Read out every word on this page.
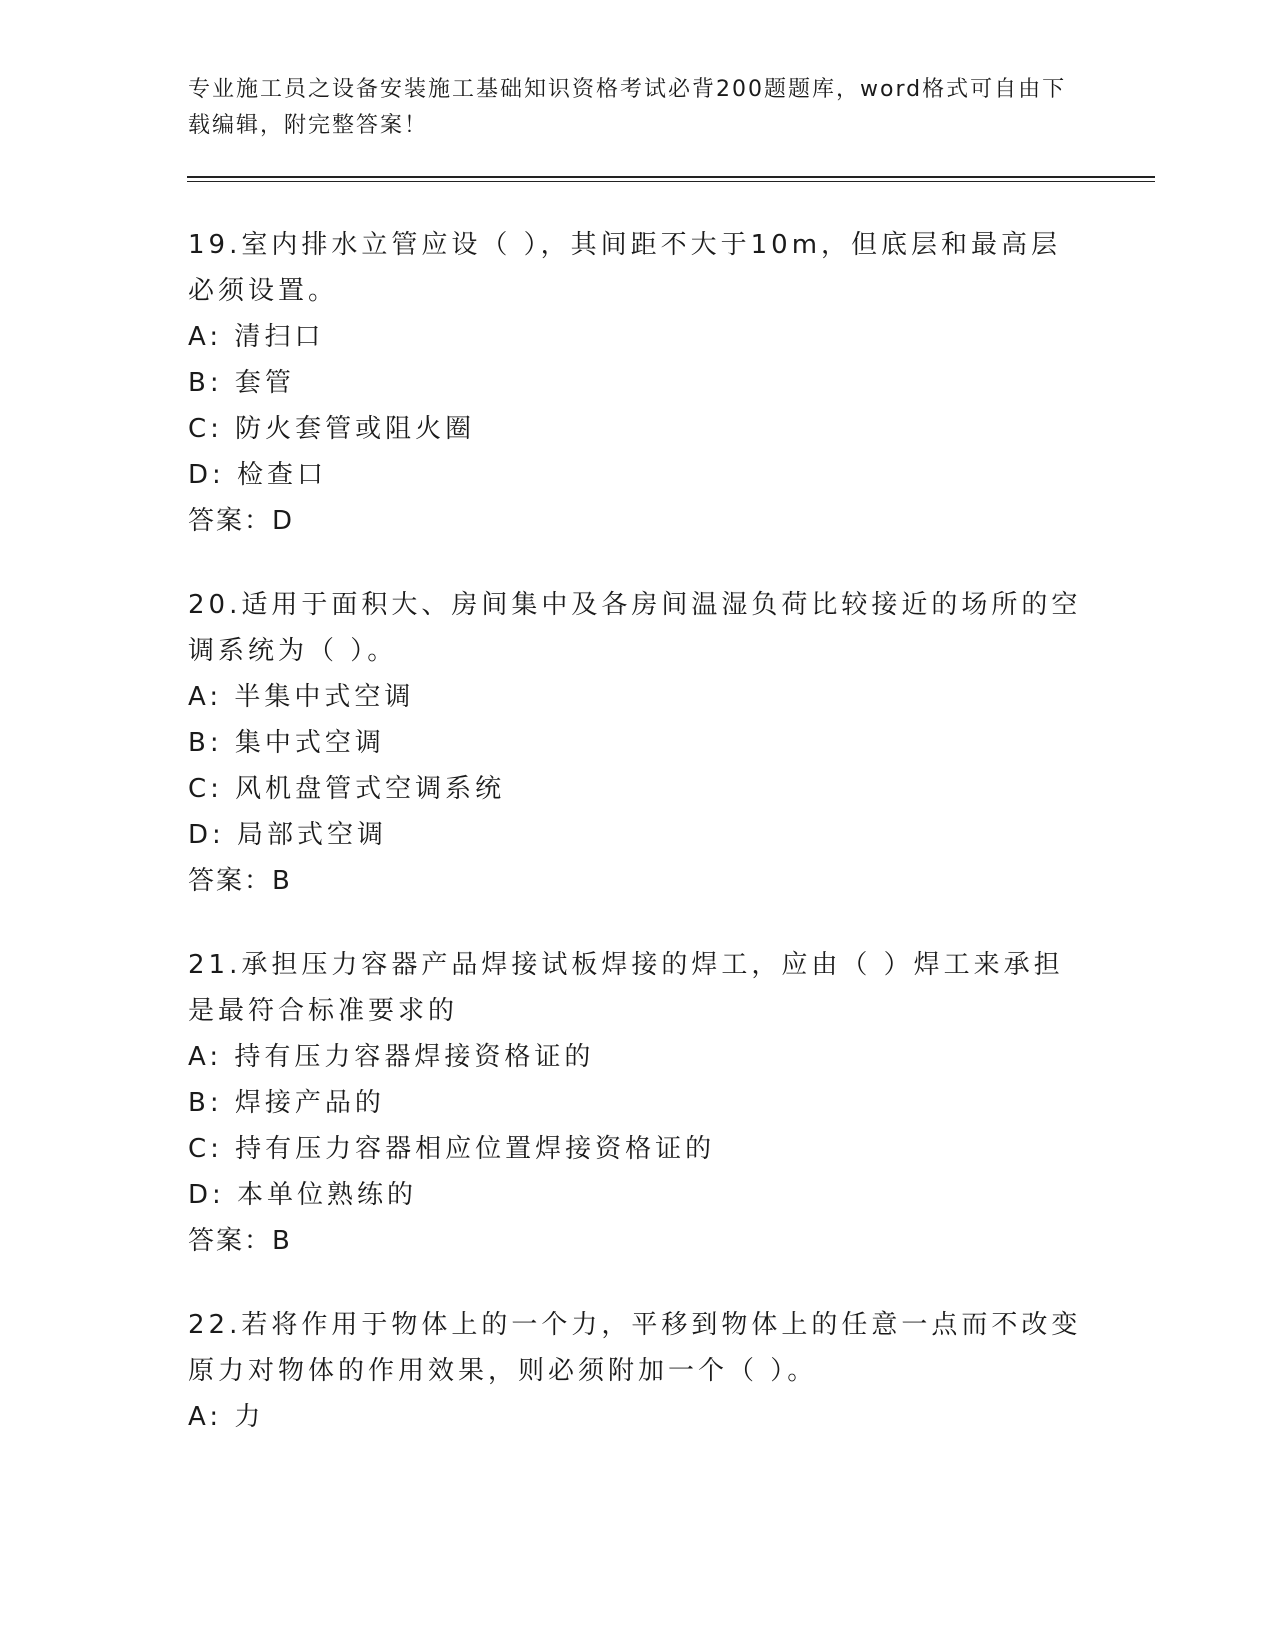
专业施工员之设备安装施工基础知识资格考试必背200题题库，word格式可自由下载编辑，附完整答案！

19.室内排水立管应设（ ），其间距不大于10m，但底层和最高层必须设置。

A: 清扫口

B: 套管

C: 防火套管或阻火圈

D: 检查口

答案：D

20.适用于面积大、房间集中及各房间温湿负荷比较接近的场所的空调系统为（ ）。

A: 半集中式空调

B: 集中式空调

C: 风机盘管式空调系统

D: 局部式空调

答案：B

21.承担压力容器产品焊接试板焊接的焊工，应由（ ）焊工来承担是最符合标准要求的

A: 持有压力容器焊接资格证的

B: 焊接产品的

C: 持有压力容器相应位置焊接资格证的

D: 本单位熟练的

答案：B

22.若将作用于物体上的一个力，平移到物体上的任意一点而不改变原力对物体的作用效果，则必须附加一个（ ）。

A: 力
